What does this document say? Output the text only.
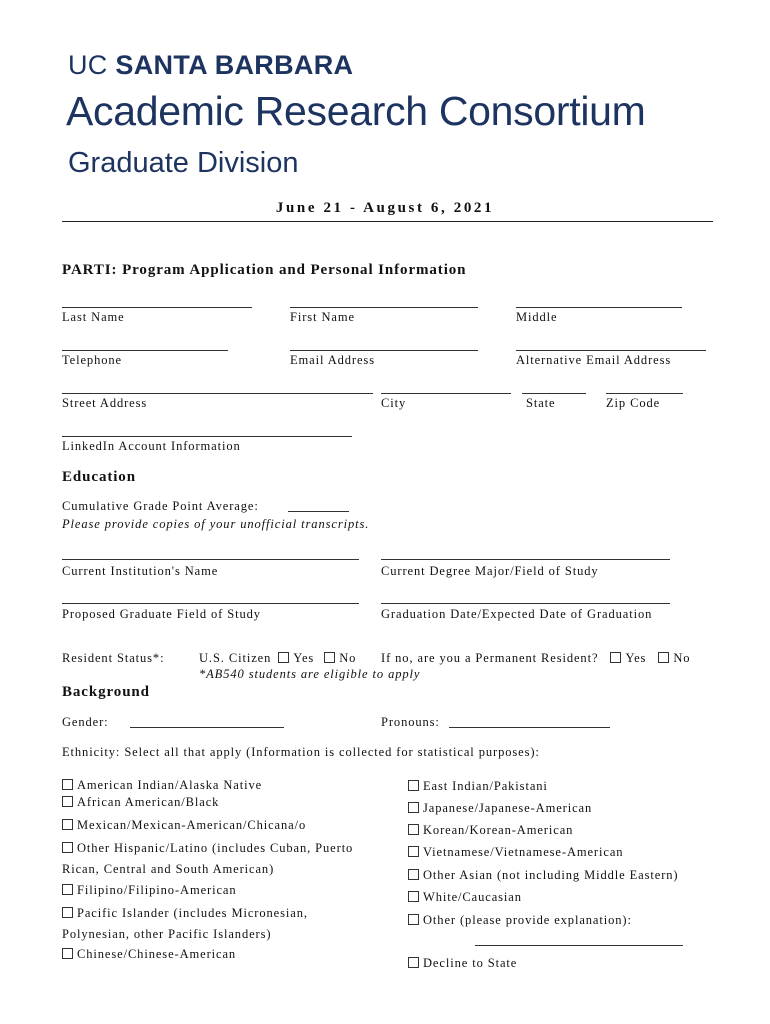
UC SANTA BARBARA
Academic Research Consortium
Graduate Division
June 21 - August 6, 2021
PARTI: Program Application and Personal Information
Last Name	First Name	Middle
Telephone	Email Address	Alternative Email Address
Street Address	City	State	Zip Code
LinkedIn Account Information
Education
Cumulative Grade Point Average:
Please provide copies of your unofficial transcripts.
Current Institution's Name	Current Degree Major/Field of Study
Proposed Graduate Field of Study	Graduation Date/Expected Date of Graduation
Resident Status*:	U.S. Citizen Yes No If no, are you a Permanent Resident? Yes No
*AB540 students are eligible to apply
Background
Gender:	Pronouns:
Ethnicity: Select all that apply (Information is collected for statistical purposes):
American Indian/Alaska Native
African American/Black
Mexican/Mexican-American/Chicana/o
Other Hispanic/Latino (includes Cuban, Puerto
Rican, Central and South American)
Filipino/Filipino-American
Pacific Islander (includes Micronesian,
Polynesian, other Pacific Islanders)
Chinese/Chinese-American
East Indian/Pakistani
Japanese/Japanese-American
Korean/Korean-American
Vietnamese/Vietnamese-American
Other Asian (not including Middle Eastern)
White/Caucasian
Other (please provide explanation):
Decline to State
